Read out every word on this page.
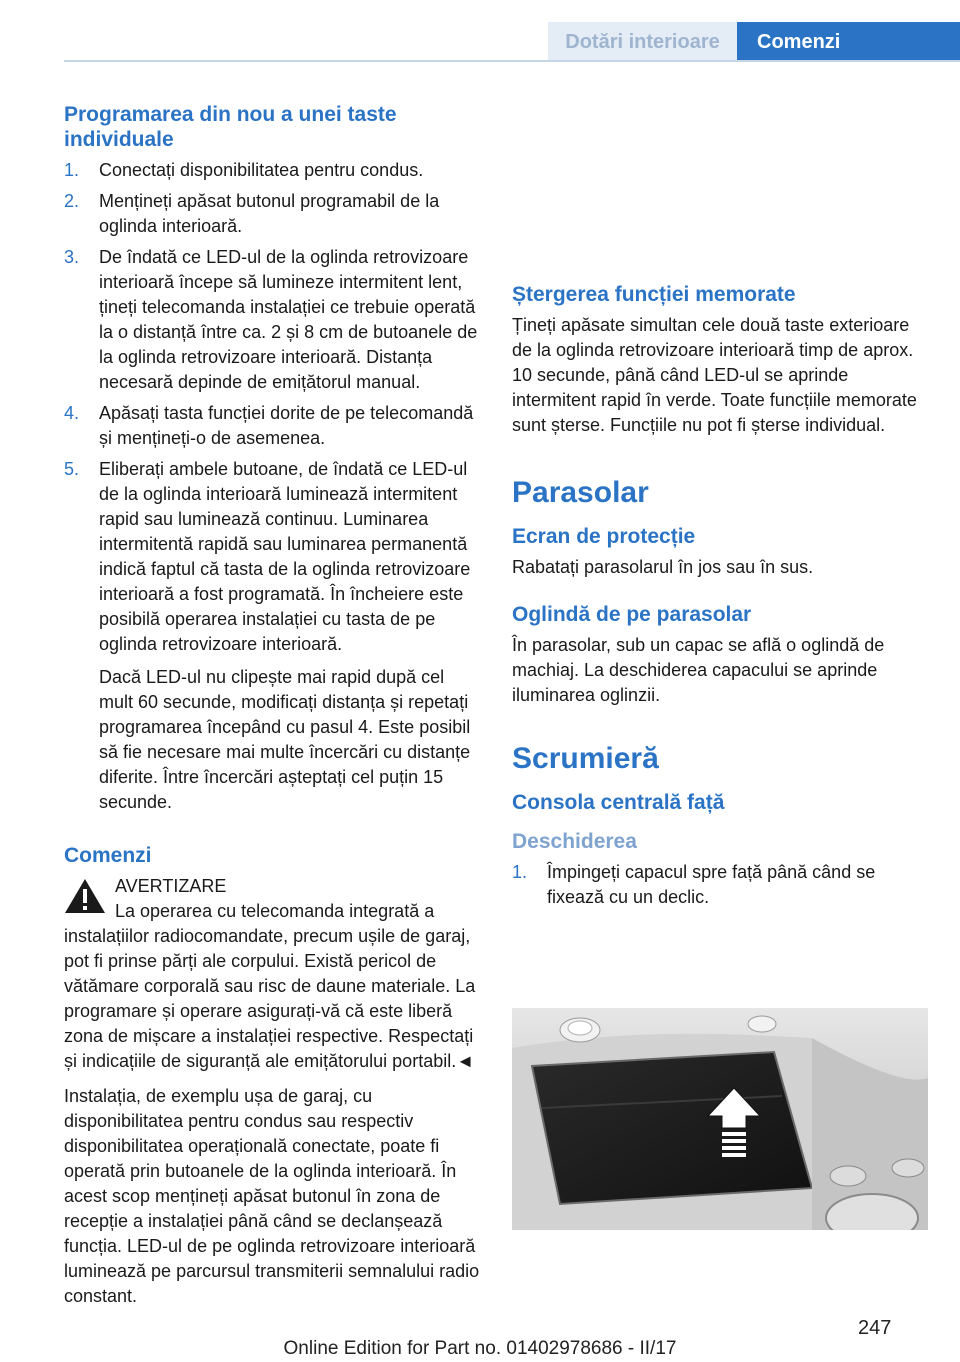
Dotări interioare	Comenzi
Programarea din nou a unei taste individuale
1. Conectați disponibilitatea pentru condus.
2. Mențineți apăsat butonul programabil de la oglinda interioară.
3. De îndată ce LED-ul de la oglinda retrovizoare interioară începe să lumineze intermitent lent, țineți telecomanda instalației ce trebuie operată la o distanță între ca. 2 și 8 cm de butoanele de la oglinda retrovizoare interioară. Distanța necesară depinde de emițătorul manual.
4. Apăsați tasta funcției dorite de pe telecomandă și mențineți-o de asemenea.
5. Eliberați ambele butoane, de îndată ce LED-ul de la oglinda interioară luminează intermitent rapid sau luminează continuu. Luminarea intermitentă rapidă sau luminarea permanentă indică faptul că tasta de la oglinda retrovizoare interioară a fost programată. În încheiere este posibilă operarea instalației cu tasta de pe oglinda retrovizoare interioară.

Dacă LED-ul nu clipește mai rapid după cel mult 60 secunde, modificați distanța și repetați programarea începând cu pasul 4. Este posibil să fie necesare mai multe încercări cu distanțe diferite. Între încercări așteptați cel puțin 15 secunde.

Comenzi
AVERTIZARE
La operarea cu telecomanda integrată a instalațiilor radiocomandate, precum ușile de garaj, pot fi prinse părți ale corpului. Există pericol de vătămare corporală sau risc de daune materiale. La programare și operare asigurați-vă că este liberă zona de mișcare a instalației respective. Respectați și indicațiile de siguranță ale emițătorului portabil.◄

Instalația, de exemplu ușa de garaj, cu disponibilitatea pentru condus sau respectiv disponibilitatea operațională conectate, poate fi operată prin butoanele de la oglinda interioară. În acest scop mențineți apăsat butonul în zona de recepție a instalației până când se declanșează funcția. LED-ul de pe oglinda retrovizoare interioară luminează pe parcursul transmiterii semnalului radio constant.

Ștergerea funcției memorate

Țineți apăsate simultan cele două taste exterioare de la oglinda retrovizoare interioară timp de aprox. 10 secunde, până când LED-ul se aprinde intermitent rapid în verde. Toate funcțiile memorate sunt șterse. Funcțiile nu pot fi șterse individual.

Parasolar
Ecran de protecție

Rabatați parasolarul în jos sau în sus.

Oglindă de pe parasolar

În parasolar, sub un capac se află o oglindă de machiaj. La deschiderea capacului se aprinde iluminarea oglinzii.

Scrumieră
Consola centrală față
Deschiderea
1. Împingeți capacul spre față până când se fixează cu un declic.
247
Online Edition for Part no. 01402978686 - II/17
